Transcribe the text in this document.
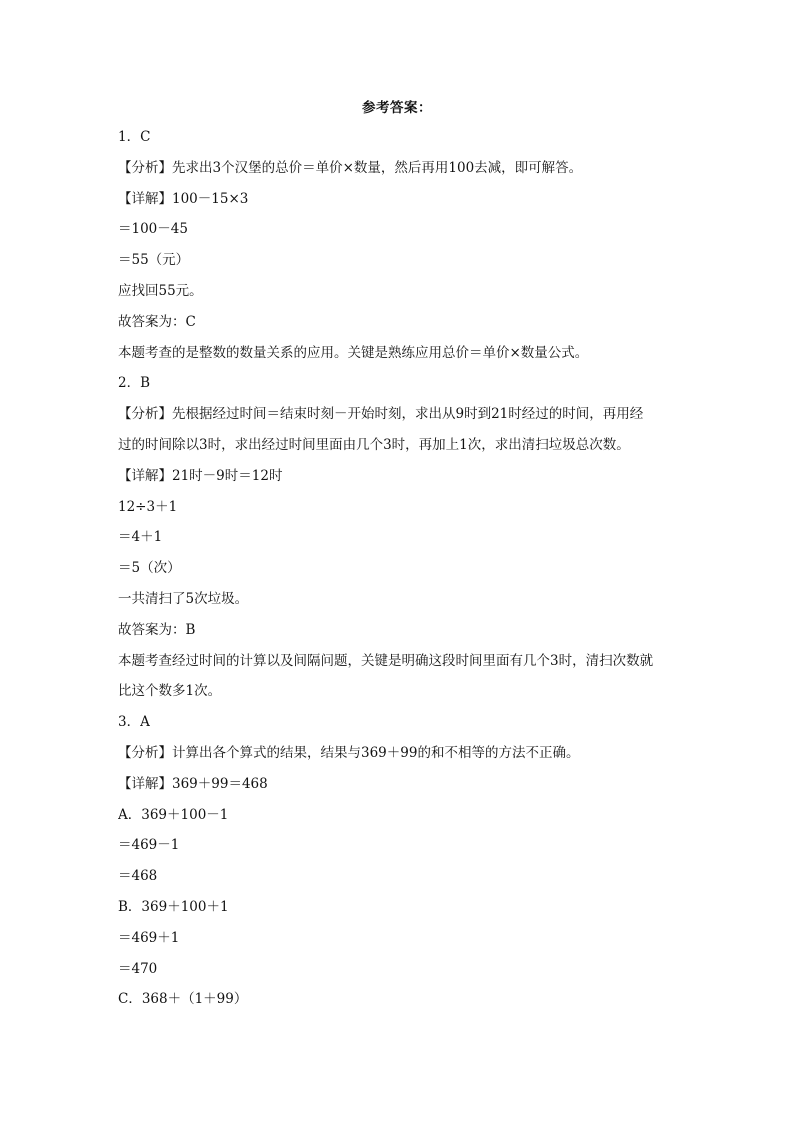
参考答案：
1．C
【分析】先求出3个汉堡的总价＝单价×数量，然后再用100去减，即可解答。
【详解】100－15×3
＝100－45
＝55（元）
应找回55元。
故答案为：C
本题考查的是整数的数量关系的应用。关键是熟练应用总价＝单价×数量公式。
2．B
【分析】先根据经过时间＝结束时刻－开始时刻，求出从9时到21时经过的时间，再用经
过的时间除以3时，求出经过时间里面由几个3时，再加上1次，求出清扫垃圾总次数。
【详解】21时－9时＝12时
12÷3＋1
＝4＋1
＝5（次）
一共清扫了5次垃圾。
故答案为：B
本题考查经过时间的计算以及间隔问题，关键是明确这段时间里面有几个3时，清扫次数就
比这个数多1次。
3．A
【分析】计算出各个算式的结果，结果与369＋99的和不相等的方法不正确。
【详解】369＋99＝468
A．369＋100－1
＝469－1
＝468
B．369＋100＋1
＝469＋1
＝470
C．368＋（1＋99）
